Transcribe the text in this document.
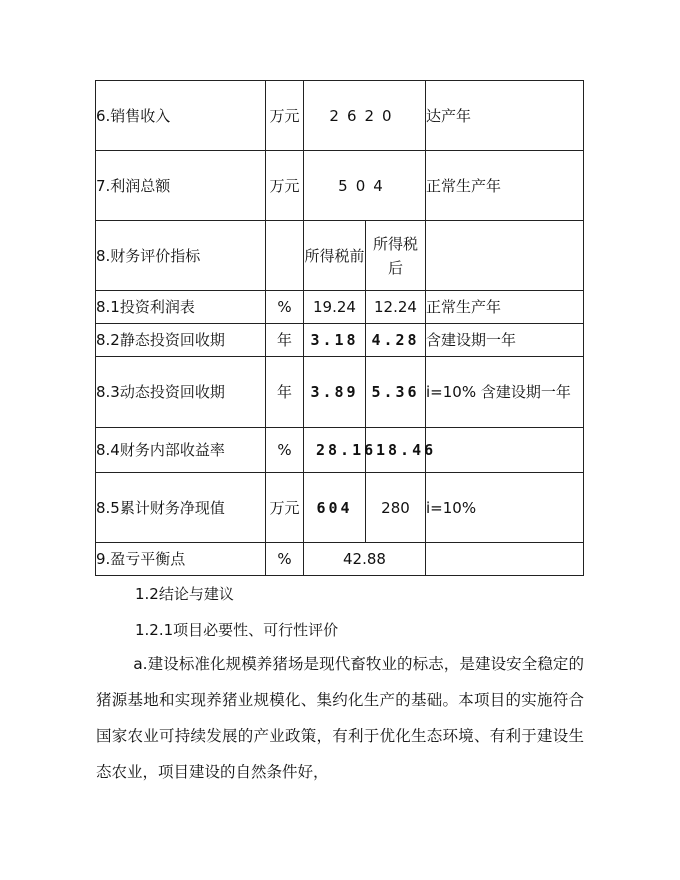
6.销售收入	万元	2620		达产年
7.利润总额	万元	504		正常生产年
8.财务评价指标		所得税前	所得税后	
8.1投资利润表	%	19.24	12.24	正常生产年
8.2静态投资回收期	年	3.18	4.28	含建设期一年
8.3动态投资回收期	年	3.89	5.36	i=10% 含建设期一年
8.4财务内部收益率	%	28.16	18.46	
8.5累计财务净现值	万元	604	280	i=10%
9.盈亏平衡点	%	42.88		
1.2结论与建议
1.2.1项目必要性、可行性评价

a.建设标准化规模养猪场是现代畜牧业的标志，是建设安全稳定的猪源基地和实现养猪业规模化、集约化生产的基础。本项目的实施符合国家农业可持续发展的产业政策，有利于优化生态环境、有利于建设生态农业，项目建设的自然条件好，
